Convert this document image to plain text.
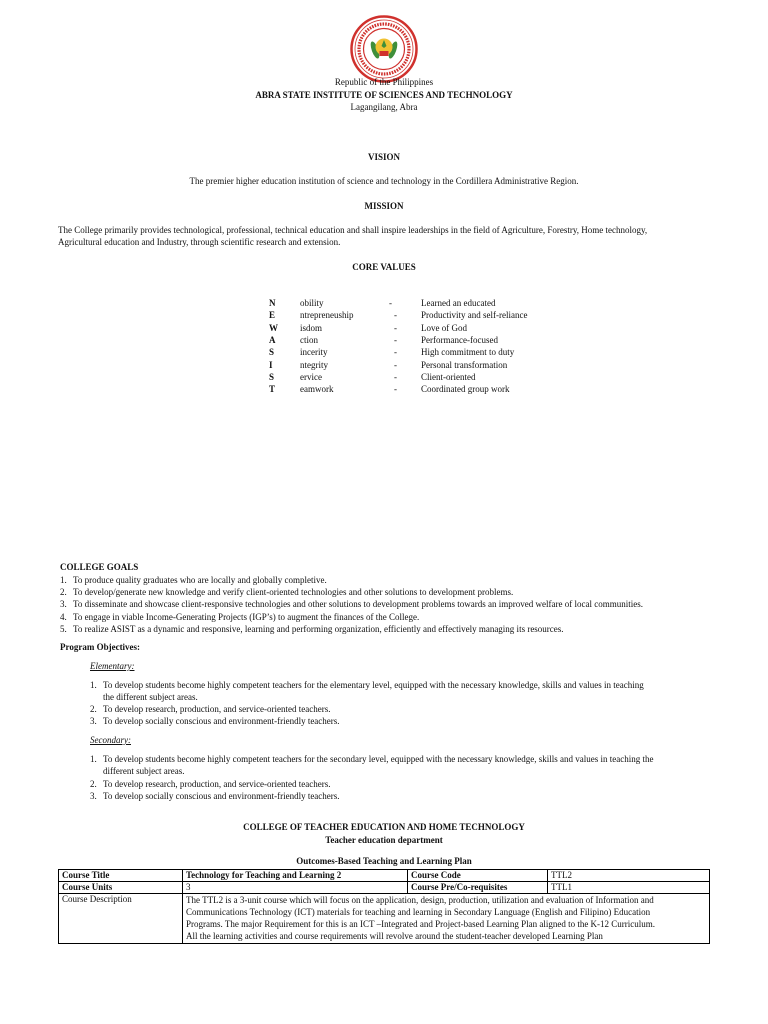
Republic of the Philippines
ABRA STATE INSTITUTE OF SCIENCES AND TECHNOLOGY
Lagangilang, Abra
VISION
The premier higher education institution of science and technology in the Cordillera Administrative Region.
MISSION
The College primarily provides technological, professional, technical education and shall inspire leaderships in the field of Agriculture, Forestry, Home technology,
Agricultural education and Industry, through scientific research and extension.
CORE VALUES
N	obility	-	Learned an educated
E	ntrepreneuship	-	Productivity and self-reliance
W isdom	-	Love of God
A	ction	-	Performance-focused
S	incerity	-	High commitment to duty
I	ntegrity	-	Personal transformation
S	ervice	-	Client-oriented
T	eamwork	-	Coordinated group work
COLLEGE GOALS
1. To produce quality graduates who are locally and globally completive.
2. To develop/generate new knowledge and verify client-oriented technologies and other solutions to development problems.
3. To disseminate and showcase client-responsive technologies and other solutions to development problems towards an improved welfare of local communities.
4. To engage in viable Income-Generating Projects (IGP’s) to augment the finances of the College.
5. To realize ASIST as a dynamic and responsive, learning and performing organization, efficiently and effectively managing its resources.
Program Objectives:
Elementary:
1. To develop students become highly competent teachers for the elementary level, equipped with the necessary knowledge, skills and values in teaching
the different subject areas.
2. To develop research, production, and service-oriented teachers.
3. To develop socially conscious and environment-friendly teachers.
Secondary:
1. To develop students become highly competent teachers for the secondary level, equipped with the necessary knowledge, skills and values in teaching the
different subject areas.
2. To develop research, production, and service-oriented teachers.
3. To develop socially conscious and environment-friendly teachers.
COLLEGE OF TEACHER EDUCATION AND HOME TECHNOLOGY
Teacher education department
Outcomes-Based Teaching and Learning Plan
Course Title	Technology for Teaching and Learning 2	Course Code	TTL2
Course Units	3	Course Pre/Co-requisites	TTL1
Course Description	The TTL2 is a 3-unit course which will focus on the application, design, production, utilization and evaluation of Information and
Communications Technology (ICT) materials for teaching and learning in Secondary Language (English and Filipino) Education
Programs. The major Requirement for this is an ICT –Integrated and Project-based Learning Plan aligned to the K-12 Curriculum.
All the learning activities and course requirements will revolve around the student-teacher developed Learning Plan		
